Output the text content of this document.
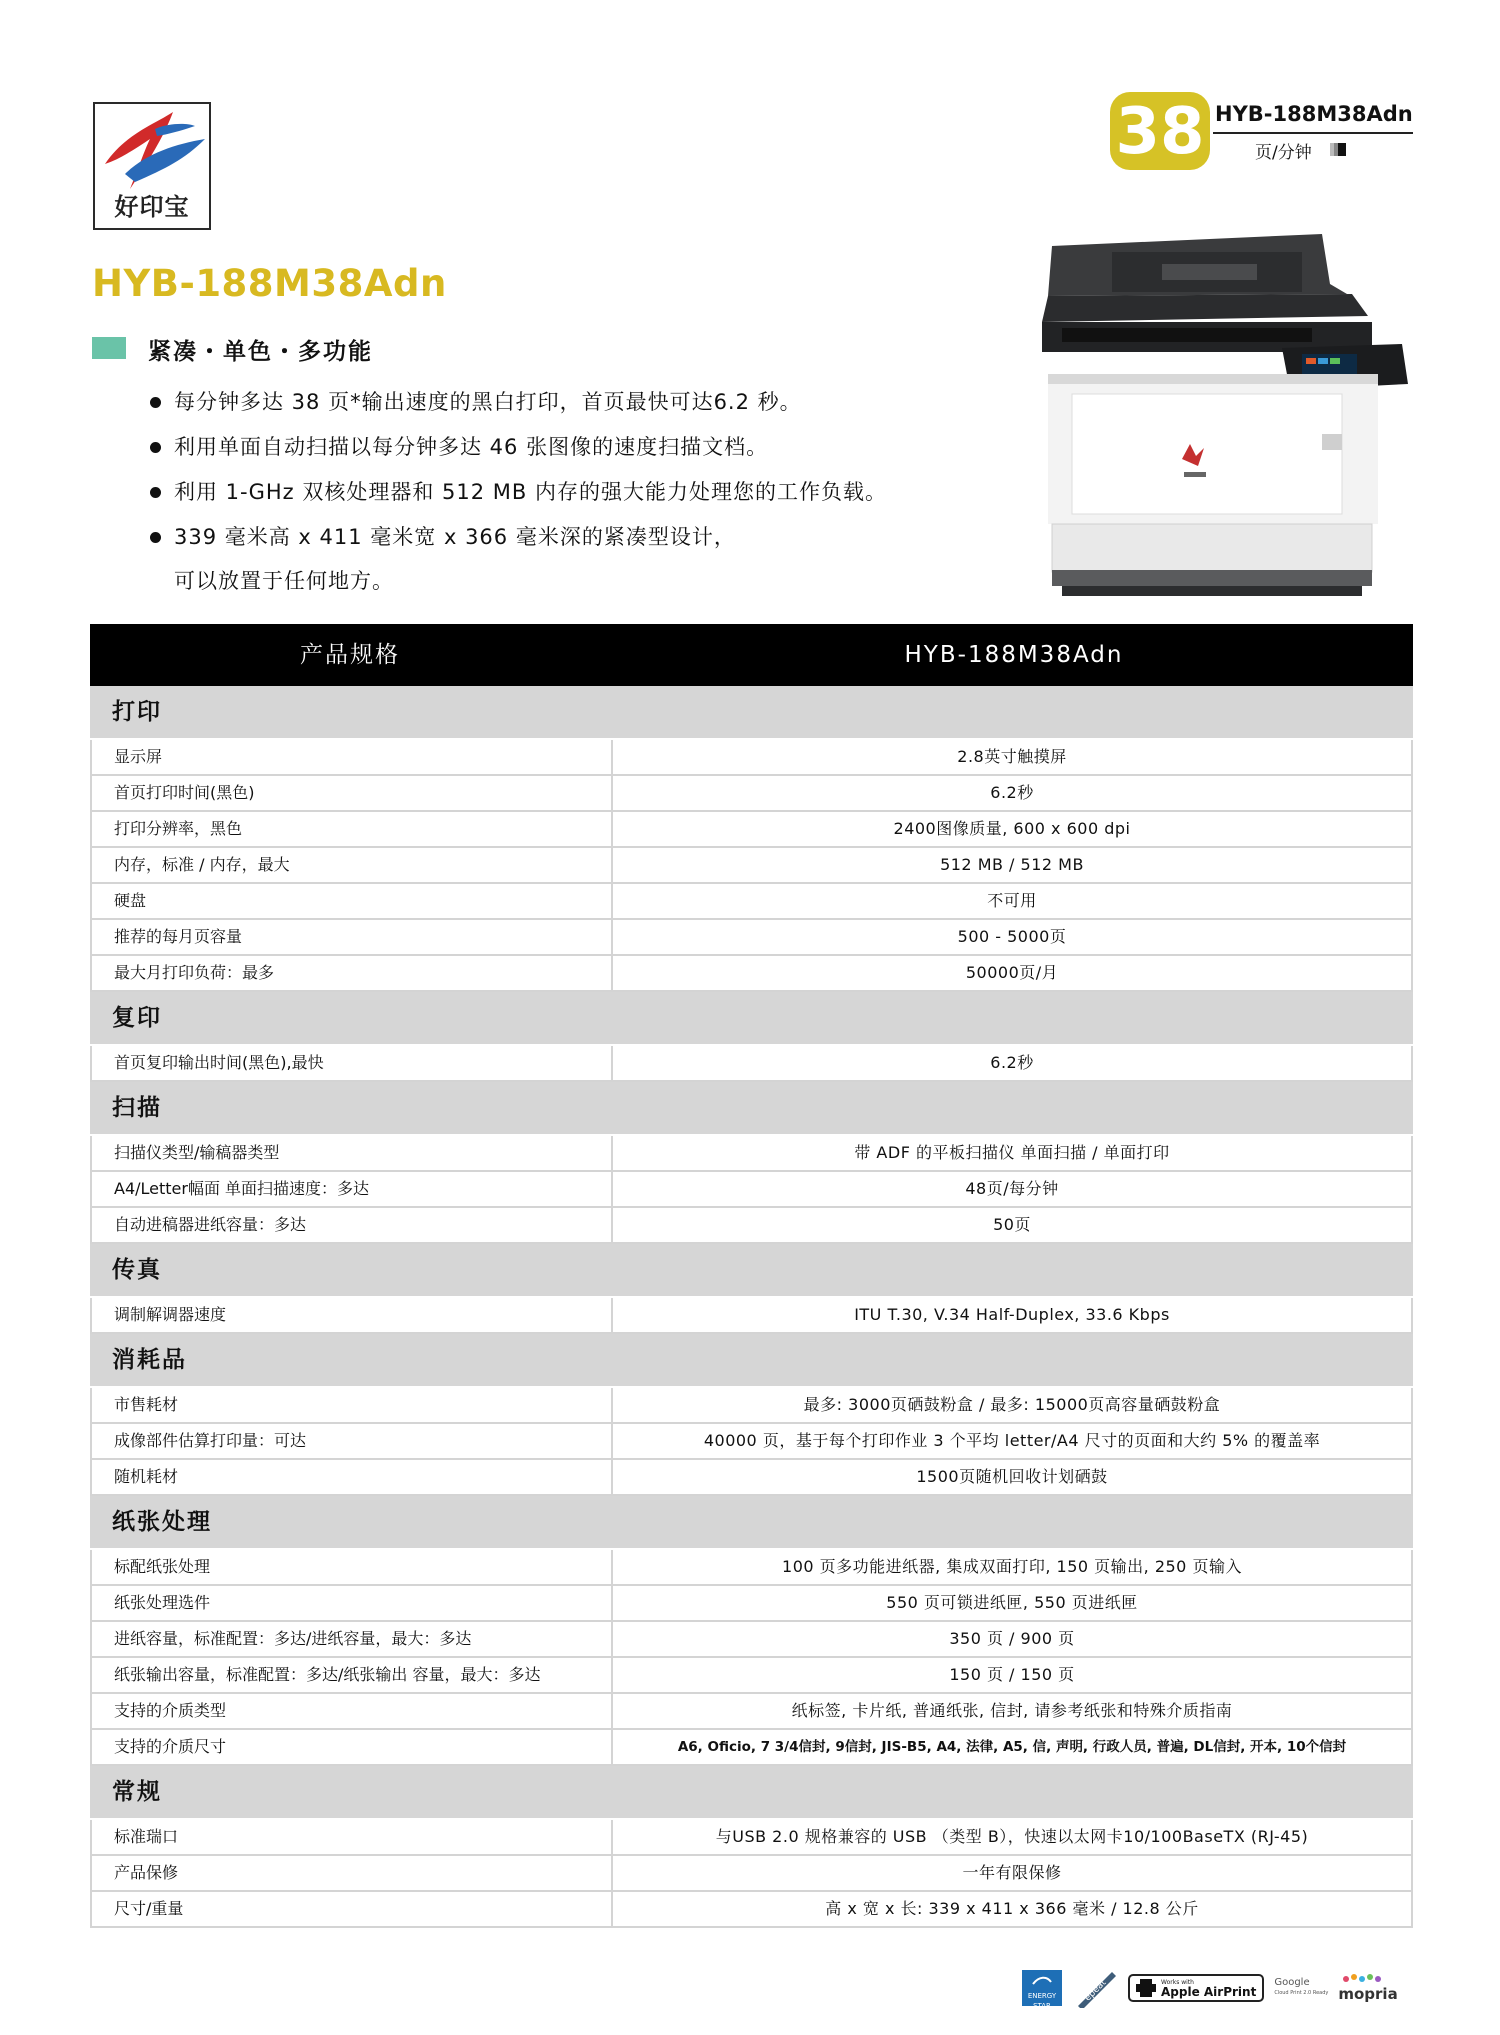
好印宝
HYB-188M38Adn
38 HYB-188M38Adn
页/分钟
紧凑・单色・多功能
每分钟多达 38 页*输出速度的黑白打印，首页最快可达6.2 秒。
利用单面自动扫描以每分钟多达 46 张图像的速度扫描文档。
利用 1-GHz 双核处理器和 512 MB 内存的强大能力处理您的工作负载。
339 毫米高 x 411 毫米宽 x 366 毫米深的紧凑型设计，
可以放置于任何地方。
产品规格	HYB-188M38Adn
打印
显示屏	2.8英寸触摸屏
首页打印时间(黑色)	6.2秒
打印分辨率，黑色	2400图像质量, 600 x 600 dpi
内存，标准 / 内存，最大	512 MB / 512 MB
硬盘	不可用
推荐的每月页容量	500 - 5000页
最大月打印负荷：最多	50000页/月
复印
首页复印输出时间(黑色),最快	6.2秒
扫描
扫描仪类型/输稿器类型	带 ADF 的平板扫描仪 单面扫描 / 单面打印
A4/Letter幅面 单面扫描速度：多达	48页/每分钟
自动进稿器进纸容量：多达	50页
传真
调制解调器速度	ITU T.30, V.34 Half-Duplex, 33.6 Kbps
消耗品
市售耗材	最多: 3000页硒鼓粉盒 / 最多: 15000页高容量硒鼓粉盒
成像部件估算打印量：可达	40000 页，基于每个打印作业 3 个平均 letter/A4 尺寸的页面和大约 5% 的覆盖率
随机耗材	1500页随机回收计划硒鼓
纸张处理
标配纸张处理	100 页多功能进纸器, 集成双面打印, 150 页输出, 250 页输入
纸张处理选件	550 页可锁进纸匣, 550 页进纸匣
进纸容量，标准配置：多达/进纸容量，最大：多达	350 页 / 900 页
纸张输出容量，标准配置：多达/纸张输出 容量，最大：多达	150 页 / 150 页
支持的介质类型	纸标签, 卡片纸, 普通纸张, 信封, 请参考纸张和特殊介质指南
支持的介质尺寸	A6, Oficio, 7 3/4信封, 9信封, JIS-B5, A4, 法律, A5, 信, 声明, 行政人员, 普遍, DL信封, 开本, 10个信封
常规
标准瑞口	与USB 2.0 规格兼容的 USB （类型 B），快速以太网卡10/100BaseTX (RJ-45)
产品保修	一年有限保修
尺寸/重量	高 x 宽 x 长: 339 x 411 x 366 毫米 / 12.8 公斤
ENERGY STAR
epeat	Works with
Apple AirPrint
Google
Cloud Print 2.0 Ready mopria
